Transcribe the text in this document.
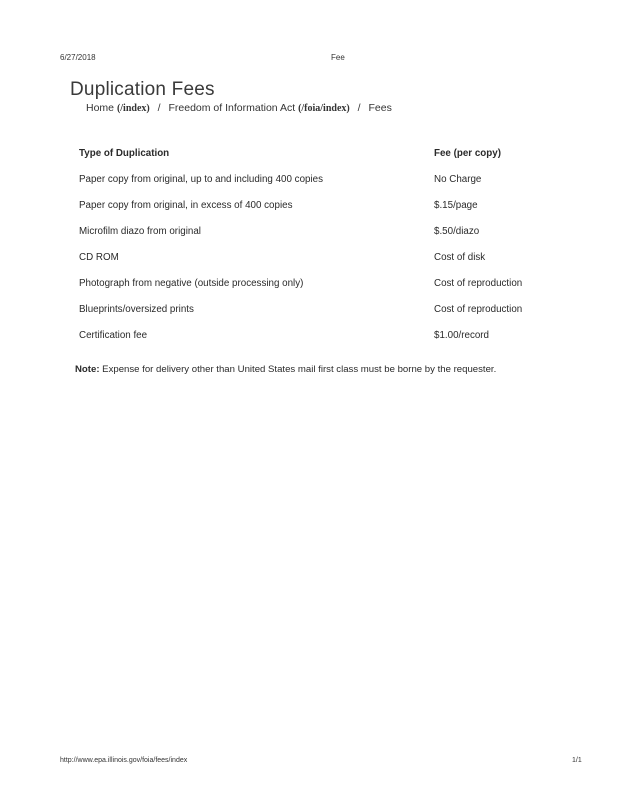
6/27/2018	Fee
Duplication Fees
Home (/index) / Freedom of Information Act (/foia/index) / Fees
Type of Duplication	Fee (per copy)
Paper copy from original, up to and including 400 copies	No Charge
Paper copy from original, in excess of 400 copies	$.15/page
Microfilm diazo from original	$.50/diazo
CD ROM	Cost of disk
Photograph from negative (outside processing only)	Cost of reproduction
Blueprints/oversized prints	Cost of reproduction
Certification fee	$1.00/record
Note: Expense for delivery other than United States mail first class must be borne by the requester.
http://www.epa.illinois.gov/foia/fees/index	1/1
